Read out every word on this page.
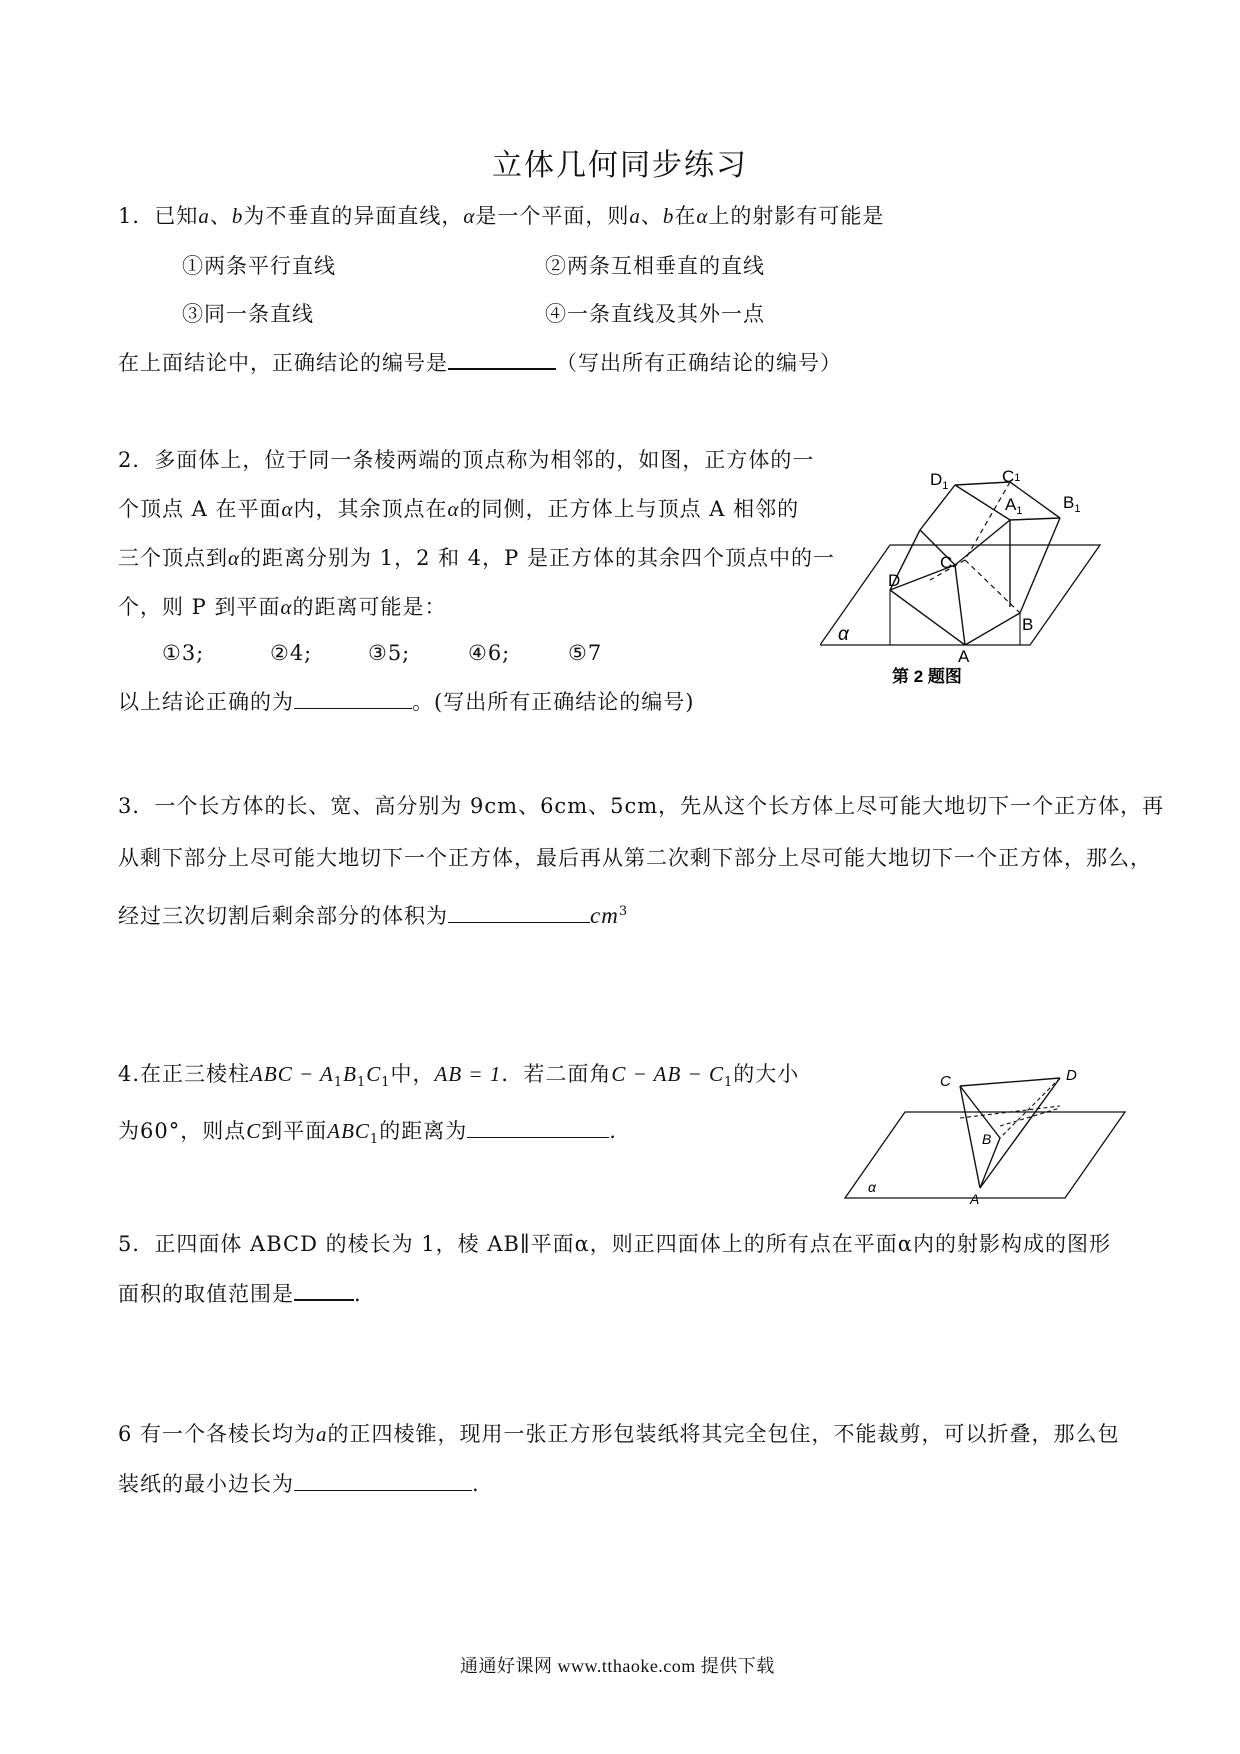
立体几何同步练习
1．已知a、b为不垂直的异面直线，α是一个平面，则a、b在α上的射影有可能是
①两条平行直线	②两条互相垂直的直线
③同一条直线	④一条直线及其外一点
在上面结论中，正确结论的编号是	（写出所有正确结论的编号）
2．多面体上，位于同一条棱两端的顶点称为相邻的，如图，正方体的一
个顶点 A 在平面α内，其余顶点在α的同侧，正方体上与顶点 A 相邻的
三个顶点到α的距离分别为 1，2 和 4，P 是正方体的其余四个顶点中的一
个，则 P 到平面α的距离可能是：
①3;	②4;	③5;	④6;	⑤7
以上结论正确的为	。(写出所有正确结论的编号)
$D_1$	$C_1$
$A_1$ $B_1$
C
D
B
A
α
第 2 题图
3．一个长方体的长、宽、高分别为 9cm、6cm、5cm，先从这个长方体上尽可能大地切下一个正方体，再
从剩下部分上尽可能大地切下一个正方体，最后再从第二次剩下部分上尽可能大地切下一个正方体，那么，
经过三次切割后剩余部分的体积为	$cm^3$
4.在正三棱柱ABC − $A_1B_1C_1$中，AB = 1．若二面角C − AB − $C_1$的大小
为60°，则点C到平面$ABC_1$的距离为	.
C	D
B
A
α
5．正四面体 ABCD 的棱长为 1，棱 AB∥平面α，则正四面体上的所有点在平面α内的射影构成的图形
面积的取值范围是	.
6 有一个各棱长均为a的正四棱锥，现用一张正方形包装纸将其完全包住，不能裁剪，可以折叠，那么包
装纸的最小边长为	.
通通好课网 www.tthaoke.com 提供下载
